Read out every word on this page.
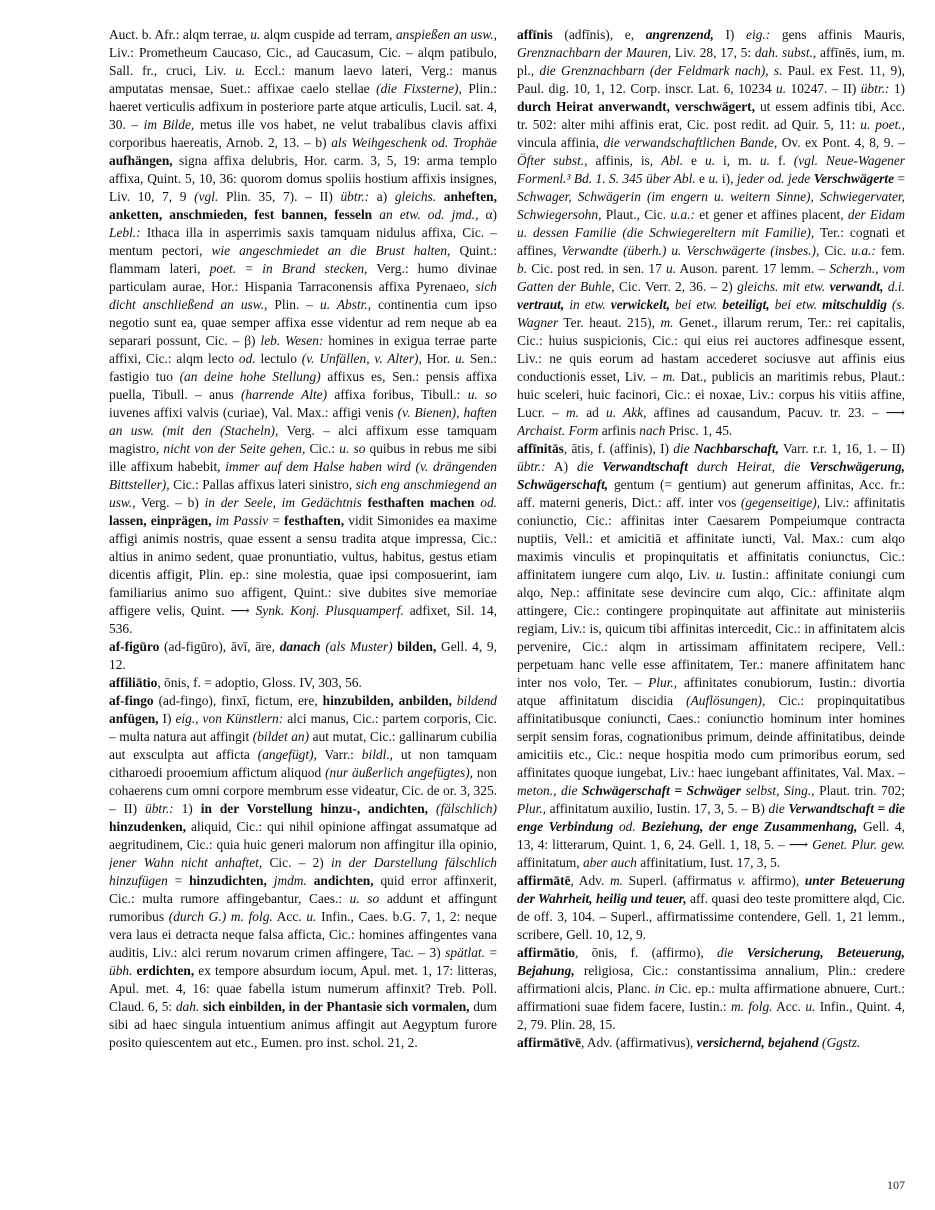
Auct. b. Afr.: alqm terrae, u. alqm cuspide ad terram, anspießen an usw., Liv.: Prometheum Caucaso, Cic., ad Caucasum, Cic. – alqm patibulo, Sall. fr., cruci, Liv. u. Eccl.: manum laevo lateri, Verg.: manus amputatas mensae, Suet.: affixae caelo stellae (die Fixsterne), Plin.: haeret verticulis adfixum in posteriore parte atque articulis, Lucil. sat. 4, 30. – im Bilde, metus ille vos habet, ne velut trabalibus clavis affixi corporibus haereatis, Arnob. 2, 13. – b) als Weihgeschenk od. Trophäe aufhängen, signa affixa delubris, Hor. carm. 3, 5, 19: arma templo affixa, Quint. 5, 10, 36: quorom domus spoliis hostium affixis insignes, Liv. 10, 7, 9 (vgl. Plin. 35, 7). – II) übtr.: a) gleichs. anheften, anketten, anschmieden, fest bannen, fesseln an etw. od. jmd., α) Lebl.: Ithaca illa in asperrimis saxis tamquam nidulus affixa, Cic. – mentum pectori, wie angeschmiedet an die Brust halten, Quint.: flammam lateri, poet. = in Brand stecken, Verg.: humo divinae particulam aurae, Hor.: Hispania Tarraconensis affixa Pyrenaeo, sich dicht anschließend an usw., Plin. – u. Abstr., continentia cum ipso negotio sunt ea, quae semper affixa esse videntur ad rem neque ab ea separari possunt, Cic. – β) leb. Wesen: homines in exigua terrae parte affixi, Cic.: alqm lecto od. lectulo (v. Unfällen, v. Alter), Hor. u. Sen.: fastigio tuo (an deine hohe Stellung) affixus es, Sen.: pensis affixa puella, Tibull. – anus (harrende Alte) affixa foribus, Tibull.: u. so iuvenes affixi valvis (curiae), Val. Max.: affigi venis (v. Bienen), haften an usw. (mit den (Stacheln), Verg. – alci affixum esse tamquam magistro, nicht von der Seite gehen, Cic.: u. so quibus in rebus me sibi ille affixum habebit, immer auf dem Halse haben wird (v. drängenden Bittsteller), Cic.: Pallas affixus lateri sinistro, sich eng anschmiegend an usw., Verg. – b) in der Seele, im Gedächtnis festhaften machen od. lassen, einprägen, im Passiv = festhaften, vidit Simonides ea maxime affigi animis nostris, quae essent a sensu tradita atque impressa, Cic.: altius in animo sedent, quae pronuntiatio, vultus, habitus, gestus etiam dicentis affigit, Plin. ep.: sine molestia, quae ipsi composuerint, iam familiarius animo suo affigent, Quint.: sive dubites sive memoriae affigere velis, Quint. ⟶ Synk. Konj. Plusquamperf. adfixet, Sil. 14, 536.

af-figūro (ad-figūro), āvī, āre, danach (als Muster) bilden, Gell. 4, 9, 12.

affiliātio, ōnis, f. = adoptio, Gloss. IV, 303, 56.

af-fingo (ad-fingo), finxī, fictum, ere, hinzubilden, anbilden, bildend anfügen, I) eig., von Künstlern: alci manus, Cic.: partem corporis, Cic. – multa natura aut affingit (bildet an) aut mutat, Cic.: gallinarum cubilia aut exsculpta aut afficta (angefügt), Varr.: bildl., ut non tamquam citharoedi prooemium affictum aliquod (nur äußerlich angefügtes), non cohaerens cum omni corpore membrum esse videatur, Cic. de or. 3, 325. – II) übtr.: 1) in der Vorstellung hinzu-, andichten, (fälschlich) hinzudenken, aliquid, Cic.: qui nihil opinione affingat assumatque ad aegritudinem, Cic.: quia huic generi malorum non affingitur illa opinio, jener Wahn nicht anhaftet, Cic. – 2) in der Darstellung fälschlich hinzufügen = hinzudichten, jmdm. andichten, quid error affinxerit, Cic.: multa rumore affingebantur, Caes.: u. so addunt et affingunt rumoribus (durch G.) m. folg. Acc. u. Infin., Caes. b.G. 7, 1, 2: neque vera laus ei detracta neque falsa afficta, Cic.: homines affingentes vana auditis, Liv.: alci rerum novarum crimen affingere, Tac. – 3) spätlat. = übh. erdichten, ex tempore absurdum iocum, Apul. met. 1, 17: litteras, Apul. met. 4, 16: quae fabella istum numerum affinxit? Treb. Poll. Claud. 6, 5: dah. sich einbilden, in der Phantasie sich vormalen, dum sibi ad haec singula intuentium animus affingit aut Aegyptum furore posito quiescentem aut etc., Eumen. pro inst. schol. 21, 2.

affīnis (adfīnis), e, angrenzend, I) eig.: gens affinis Mauris, Grenznachbarn der Mauren, Liv. 28, 17, 5: dah. subst., affīnēs, ium, m. pl., die Grenznachbarn (der Feldmark nach), s. Paul. ex Fest. 11, 9), Paul. dig. 10, 1, 12. Corp. inscr. Lat. 6, 10234 u. 10247. – II) übtr.: 1) durch Heirat anverwandt, verschwägert, ut essem adfinis tibi, Acc. tr. 502: alter mihi affinis erat, Cic. post redit. ad Quir. 5, 11: u. poet., vincula affinia, die verwandschaftlichen Bande, Ov. ex Pont. 4, 8, 9. – Öfter subst., affinis, is, Abl. e u. i, m. u. f. (vgl. Neue-Wagener Formenl.³ Bd. 1. S. 345 über Abl. e u. i), jeder od. jede Verschwägerte = Schwager, Schwägerin (im engern u. weitern Sinne), Schwiegervater, Schwiegersohn, Plaut., Cic. u.a.: et gener et affines placent, der Eidam u. dessen Familie (die Schwiegereltern mit Familie), Ter.: cognati et affines, Verwandte (überh.) u. Verschwägerte (insbes.), Cic. u.a.: fem. b. Cic. post red. in sen. 17 u. Auson. parent. 17 lemm. – Scherzh., vom Gatten der Buhle, Cic. Verr. 2, 36. – 2) gleichs. mit etw. verwandt, d.i. vertraut, in etw. verwickelt, bei etw. beteiligt, bei etw. mitschuldig (s. Wagner Ter. heaut. 215), m. Genet., illarum rerum, Ter.: rei capitalis, Cic.: huius suspicionis, Cic.: qui eius rei auctores adfinesque essent, Liv.: ne quis eorum ad hastam accederet sociusve aut affinis eius conductionis esset, Liv. – m. Dat., publicis an maritimis rebus, Plaut.: huic sceleri, huic facinori, Cic.: ei noxae, Liv.: corpus his vitiis affine, Lucr. – m. ad u. Akk, affines ad causandum, Pacuv. tr. 23. – ⟶ Archaist. Form arfinis nach Prisc. 1, 45.

affīnitās, ātis, f. (affinis), I) die Nachbarschaft, Varr. r.r. 1, 16, 1. – II) übtr.: A) die Verwandtschaft durch Heirat, die Verschwägerung, Schwägerschaft, gentum (= gentium) aut generum affinitas, Acc. fr.: aff. materni generis, Dict.: aff. inter vos (gegenseitige), Liv.: affinitatis coniunctio, Cic.: affinitas inter Caesarem Pompeiumque contracta nuptiis, Vell.: et amicitiā et affinitate iuncti, Val. Max.: cum alqo maximis vinculis et propinquitatis et affinitatis coniunctus, Cic.: affinitatem iungere cum alqo, Liv. u. Iustin.: affinitate coniungi cum alqo, Nep.: affinitate sese devincire cum alqo, Cic.: affinitate alqm attingere, Cic.: contingere propinquitate aut affinitate aut ministeriis regiam, Liv.: is, quicum tibi affinitas intercedit, Cic.: in affinitatem alcis pervenire, Cic.: alqm in artissimam affinitatem recipere, Vell.: perpetuam hanc velle esse affinitatem, Ter.: manere affinitatem hanc inter nos volo, Ter. – Plur., affinitates conubiorum, Iustin.: divortia atque affinitatum discidia (Auflösungen), Cic.: propinquitatibus affinitatibusque coniuncti, Caes.: coniunctio hominum inter homines serpit sensim foras, cognationibus primum, deinde affinitatibus, deinde amicitiis etc., Cic.: neque hospitia modo cum primoribus eorum, sed affinitates quoque iungebat, Liv.: haec iungebant affinitates, Val. Max. – meton., die Schwägerschaft = Schwäger selbst, Sing., Plaut. trin. 702; Plur., affinitatum auxilio, Iustin. 17, 3, 5. – B) die Verwandtschaft = die enge Verbindung od. Beziehung, der enge Zusammenhang, Gell. 4, 13, 4: litterarum, Quint. 1, 6, 24. Gell. 1, 18, 5. – ⟶ Genet. Plur. gew. affinitatum, aber auch affinitatium, Iust. 17, 3, 5.

affirmātē, Adv. m. Superl. (affirmatus v. affirmo), unter Beteuerung der Wahrheit, heilig und teuer, aff. quasi deo teste promittere alqd, Cic. de off. 3, 104. – Superl., affirmatissime contendere, Gell. 1, 21 lemm., scribere, Gell. 10, 12, 9.

affirmātio, ōnis, f. (affirmo), die Versicherung, Beteuerung, Bejahung, religiosa, Cic.: constantissima annalium, Plin.: credere affirmationi alcis, Planc. in Cic. ep.: multa affirmatione abnuere, Curt.: affirmationi suae fidem facere, Iustin.: m. folg. Acc. u. Infin., Quint. 4, 2, 79. Plin. 28, 15.

affirmātīvē, Adv. (affirmativus), versichernd, bejahend (Ggstz.

107
